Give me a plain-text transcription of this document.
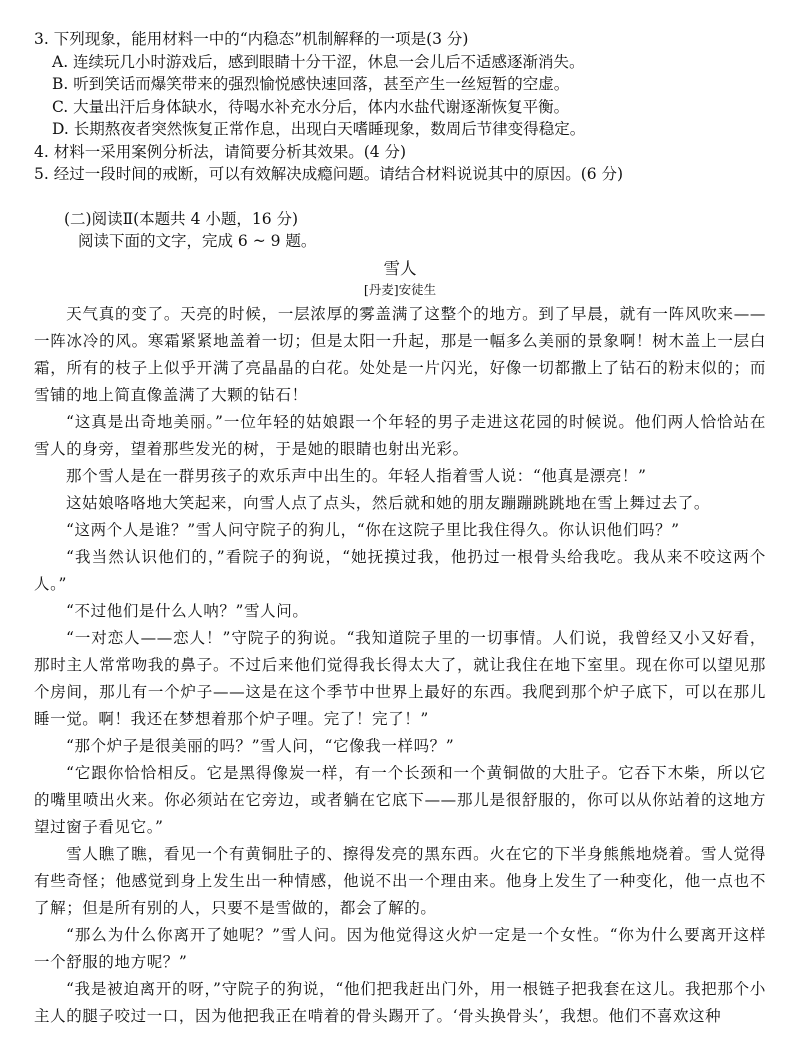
3. 下列现象，能用材料一中的“内稳态”机制解释的一项是(3 分)

A. 连续玩几小时游戏后，感到眼睛十分干涩，休息一会儿后不适感逐渐消失。

B. 听到笑话而爆笑带来的强烈愉悦感快速回落，甚至产生一丝短暂的空虚。

C. 大量出汗后身体缺水，待喝水补充水分后，体内水盐代谢逐渐恢复平衡。

D. 长期熬夜者突然恢复正常作息，出现白天嗜睡现象，数周后节律变得稳定。

4. 材料一采用案例分析法，请简要分析其效果。(4 分)

5. 经过一段时间的戒断，可以有效解决成瘾问题。请结合材料说说其中的原因。(6 分)

(二)阅读Ⅱ(本题共 4 小题，16 分)

阅读下面的文字，完成 6 ~ 9 题。

雪人
[丹麦]安徒生

天气真的变了。天亮的时候，一层浓厚的雾盖满了这整个的地方。到了早晨，就有一阵风吹来——一阵冰冷的风。寒霜紧紧地盖着一切；但是太阳一升起，那是一幅多么美丽的景象啊！树木盖上一层白霜，所有的枝子上似乎开满了亮晶晶的白花。处处是一片闪光，好像一切都撒上了钻石的粉末似的；而雪铺的地上简直像盖满了大颗的钻石！

“这真是出奇地美丽。”一位年轻的姑娘跟一个年轻的男子走进这花园的时候说。他们两人恰恰站在雪人的身旁，望着那些发光的树，于是她的眼睛也射出光彩。

那个雪人是在一群男孩子的欢乐声中出生的。年轻人指着雪人说：“他真是漂亮！”

这姑娘咯咯地大笑起来，向雪人点了点头，然后就和她的朋友蹦蹦跳跳地在雪上舞过去了。

“这两个人是谁？”雪人问守院子的狗儿，“你在这院子里比我住得久。你认识他们吗？”

“我当然认识他们的，”看院子的狗说，“她抚摸过我，他扔过一根骨头给我吃。我从来不咬这两个人。”

“不过他们是什么人呐？”雪人问。

“一对恋人——恋人！”守院子的狗说。“我知道院子里的一切事情。人们说，我曾经又小又好看，那时主人常常吻我的鼻子。不过后来他们觉得我长得太大了，就让我住在地下室里。现在你可以望见那个房间，那儿有一个炉子——这是在这个季节中世界上最好的东西。我爬到那个炉子底下，可以在那儿睡一觉。啊！我还在梦想着那个炉子哩。完了！完了！”

“那个炉子是很美丽的吗？”雪人问，“它像我一样吗？”

“它跟你恰恰相反。它是黑得像炭一样，有一个长颈和一个黄铜做的大肚子。它吞下木柴，所以它的嘴里喷出火来。你必须站在它旁边，或者躺在它底下——那儿是很舒服的，你可以从你站着的这地方望过窗子看见它。”

雪人瞧了瞧，看见一个有黄铜肚子的、擦得发亮的黑东西。火在它的下半身熊熊地烧着。雪人觉得有些奇怪；他感觉到身上发生出一种情感，他说不出一个理由来。他身上发生了一种变化，他一点也不了解；但是所有别的人，只要不是雪做的，都会了解的。

“那么为什么你离开了她呢？”雪人问。因为他觉得这火炉一定是一个女性。“你为什么要离开这样一个舒服的地方呢？”

“我是被迫离开的呀，”守院子的狗说，“他们把我赶出门外，用一根链子把我套在这儿。我把那个小主人的腿子咬过一口，因为他把我正在啃着的骨头踢开了。‘骨头换骨头’，我想。他们不喜欢这种
